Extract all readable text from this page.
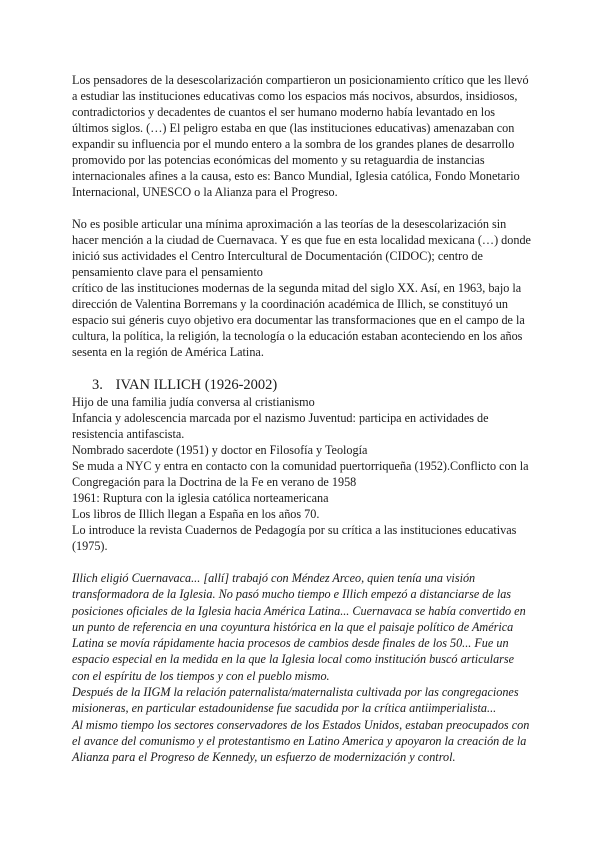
Los pensadores de la desescolarización compartieron un posicionamiento crítico que les llevó a estudiar las instituciones educativas como los espacios más nocivos, absurdos, insidiosos, contradictorios y decadentes de cuantos el ser humano moderno había levantado en los últimos siglos. (…) El peligro estaba en que (las instituciones educativas) amenazaban con expandir su influencia por el mundo entero a la sombra de los grandes planes de desarrollo promovido por las potencias económicas del momento y su retaguardia de instancias internacionales afines a la causa, esto es: Banco Mundial, Iglesia católica, Fondo Monetario Internacional, UNESCO o la Alianza para el Progreso.

No es posible articular una mínima aproximación a las teorías de la desescolarización sin hacer mención a la ciudad de Cuernavaca. Y es que fue en esta localidad mexicana (…) donde inició sus actividades el Centro Intercultural de Documentación (CIDOC); centro de pensamiento clave para el pensamiento

crítico de las instituciones modernas de la segunda mitad del siglo XX. Así, en 1963, bajo la dirección de Valentina Borremans y la coordinación académica de Illich, se constituyó un espacio sui géneris cuyo objetivo era documentar las transformaciones que en el campo de la cultura, la política, la religión, la tecnología o la educación estaban aconteciendo en los años sesenta en la región de América Latina.

3. IVAN ILLICH (1926-2002)

Hijo de una familia judía conversa al cristianismo

Infancia y adolescencia marcada por el nazismo Juventud: participa en actividades de resistencia antifascista.

Nombrado sacerdote (1951) y doctor en Filosofía y Teología

Se muda a NYC y entra en contacto con la comunidad puertorriqueña (1952).Conflicto con la Congregación para la Doctrina de la Fe en verano de 1958

1961: Ruptura con la iglesia católica norteamericana

Los libros de Illich llegan a España en los años 70.

Lo introduce la revista Cuadernos de Pedagogía por su crítica a las instituciones educativas (1975).

Illich eligió Cuernavaca... [allí] trabajó con Méndez Arceo, quien tenía una visión transformadora de la Iglesia. No pasó mucho tiempo e Illich empezó a distanciarse de las posiciones oficiales de la Iglesia hacia América Latina... Cuernavaca se había convertido en un punto de referencia en una coyuntura histórica en la que el paisaje político de América Latina se movía rápidamente hacia procesos de cambios desde finales de los 50... Fue un espacio especial en la medida en la que la Iglesia local como institución buscó articularse con el espíritu de los tiempos y con el pueblo mismo.

Después de la IIGM la relación paternalista/maternalista cultivada por las congregaciones misioneras, en particular estadounidense fue sacudida por la crítica antiimperialista...

Al mismo tiempo los sectores conservadores de los Estados Unidos, estaban preocupados con el avance del comunismo y el protestantismo en Latino America y apoyaron la creación de la Alianza para el Progreso de Kennedy, un esfuerzo de modernización y control.
